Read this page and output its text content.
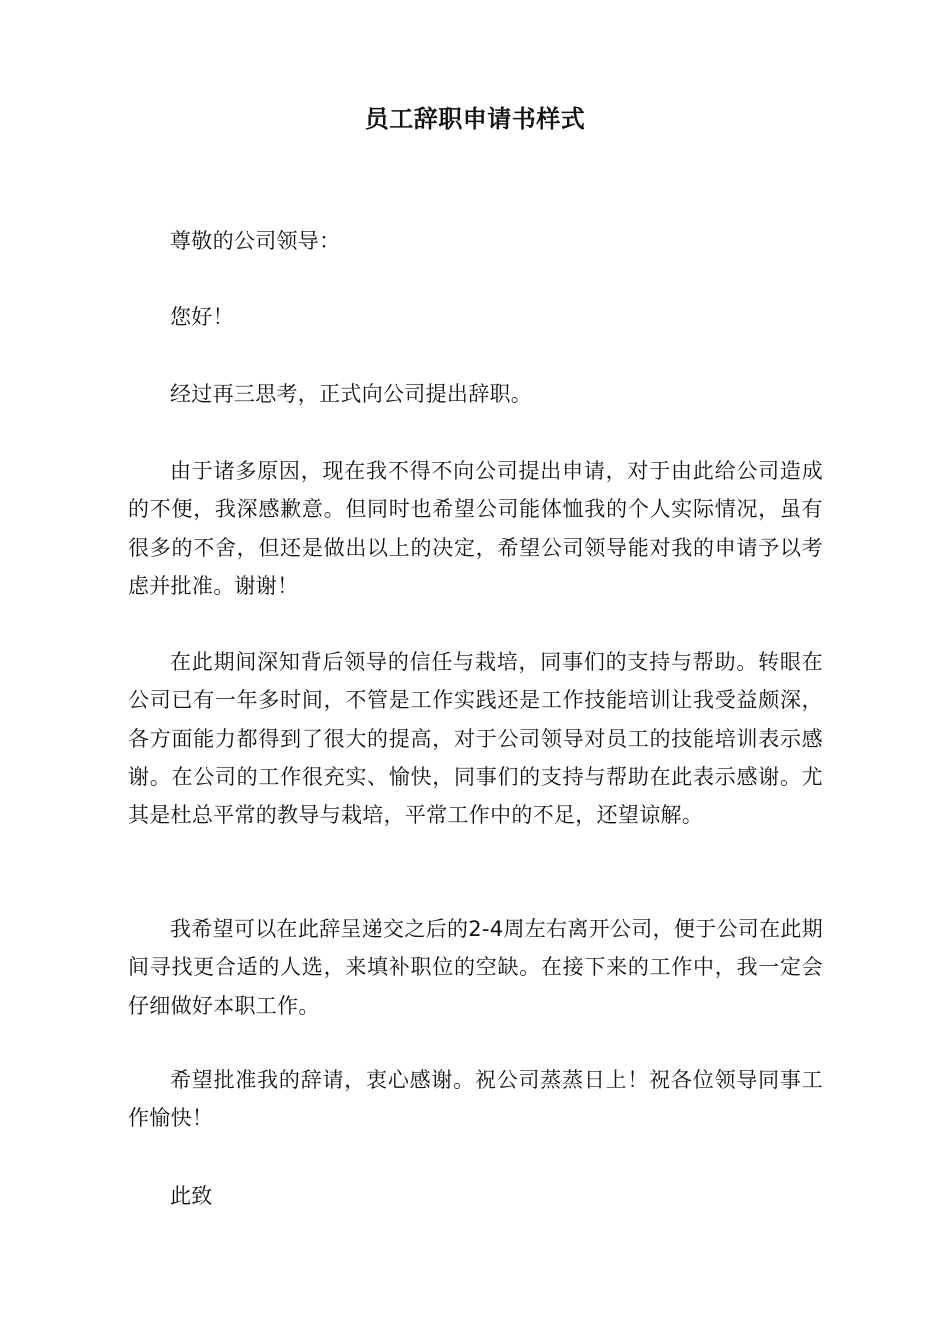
员工辞职申请书样式

尊敬的公司领导：

您好！

经过再三思考，正式向公司提出辞职。

由于诸多原因，现在我不得不向公司提出申请，对于由此给公司造成的不便，我深感歉意。但同时也希望公司能体恤我的个人实际情况，虽有很多的不舍，但还是做出以上的决定，希望公司领导能对我的申请予以考虑并批准。谢谢！

在此期间深知背后领导的信任与栽培，同事们的支持与帮助。转眼在公司已有一年多时间，不管是工作实践还是工作技能培训让我受益颇深，各方面能力都得到了很大的提高，对于公司领导对员工的技能培训表示感谢。在公司的工作很充实、愉快，同事们的支持与帮助在此表示感谢。尤其是杜总平常的教导与栽培，平常工作中的不足，还望谅解。

我希望可以在此辞呈递交之后的2-4周左右离开公司，便于公司在此期间寻找更合适的人选，来填补职位的空缺。在接下来的工作中，我一定会仔细做好本职工作。

希望批准我的辞请，衷心感谢。祝公司蒸蒸日上！祝各位领导同事工作愉快！

此致
